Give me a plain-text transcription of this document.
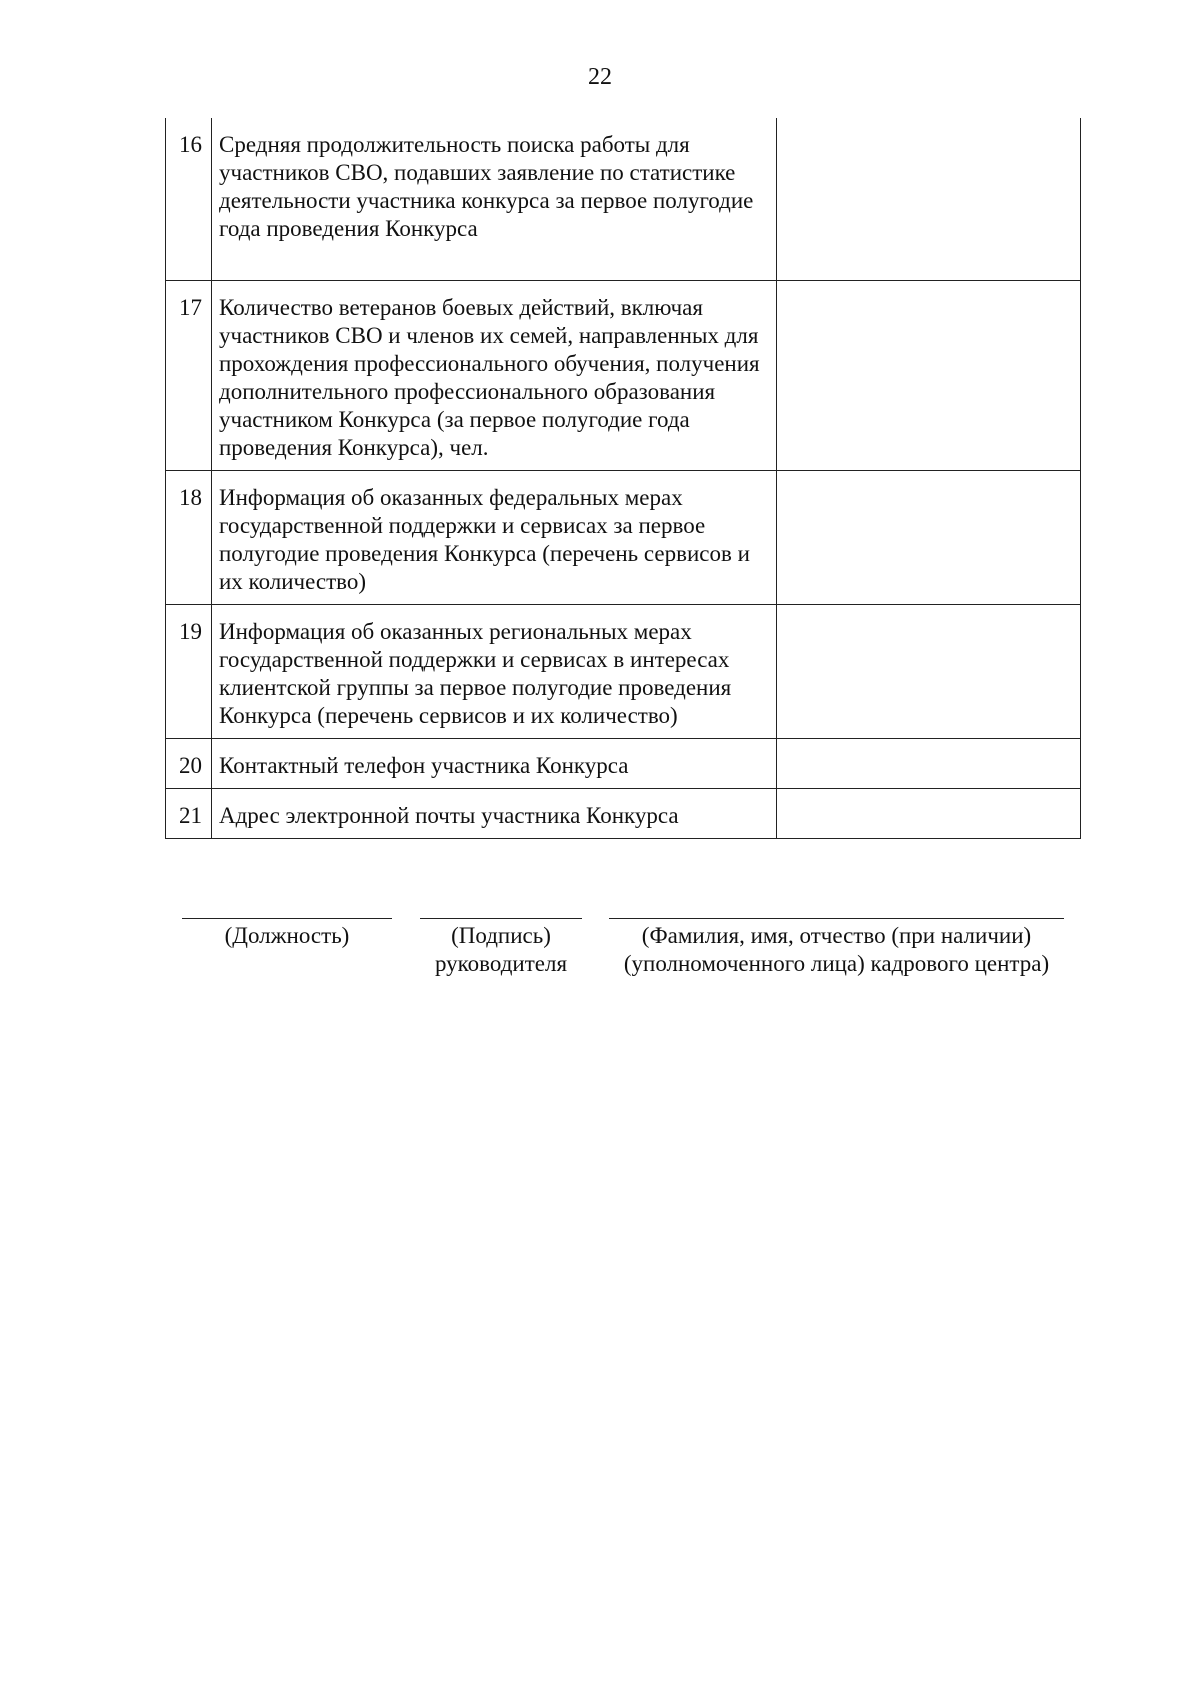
22
16	Средняя продолжительность поиска работы для участников СВО, подавших заявление по статистике деятельности участника конкурса за первое полугодие года проведения Конкурса	
17	Количество ветеранов боевых действий, включая участников СВО и членов их семей, направленных для прохождения профессионального обучения, получения дополнительного профессионального образования участником Конкурса (за первое полугодие года проведения Конкурса), чел.	
18	Информация об оказанных федеральных мерах государственной поддержки и сервисах за первое полугодие проведения Конкурса (перечень сервисов и их количество)	
19	Информация об оказанных региональных мерах государственной поддержки и сервисах в интересах клиентской группы за первое полугодие проведения Конкурса (перечень сервисов и их количество)	
20	Контактный телефон участника Конкурса	
21	Адрес электронной почты участника Конкурса	
(Должность)	(Подпись)
руководителя
(Фамилия, имя, отчество (при наличии)
(уполномоченного лица) кадрового центра)
